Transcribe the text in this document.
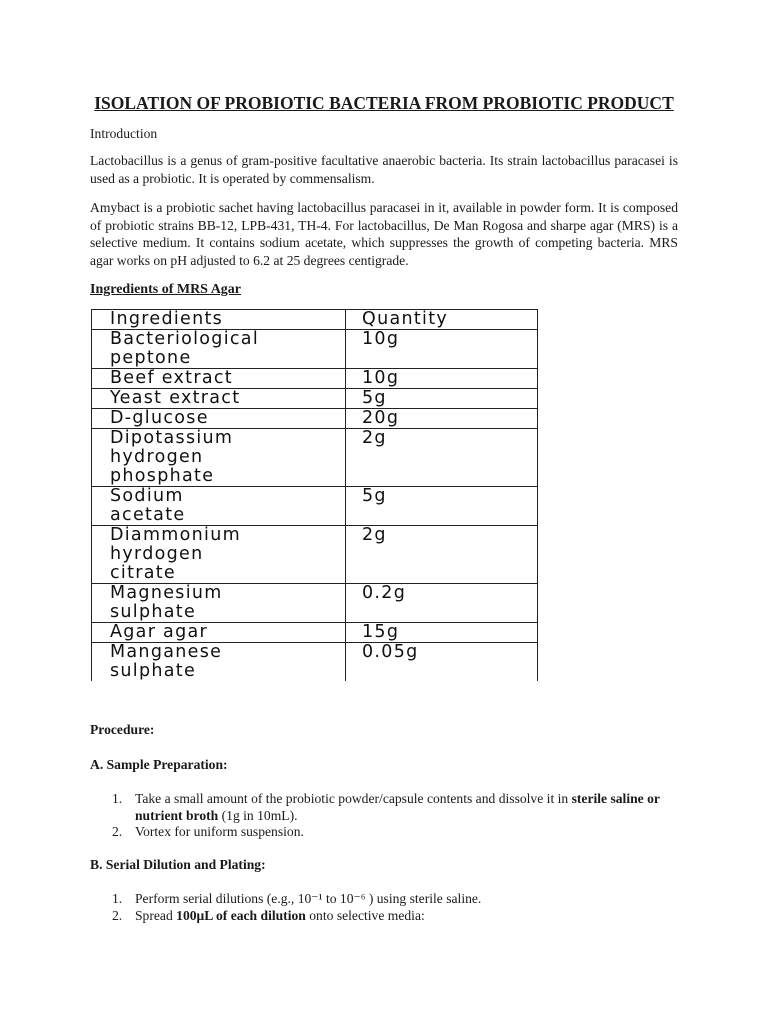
ISOLATION OF PROBIOTIC BACTERIA FROM PROBIOTIC PRODUCT
Introduction
Lactobacillus is a genus of gram-positive facultative anaerobic bacteria. Its strain lactobacillus paracasei is used as a probiotic. It is operated by commensalism.
Amybact is a probiotic sachet having lactobacillus paracasei in it, available in powder form. It is composed of probiotic strains BB-12, LPB-431, TH-4. For lactobacillus, De Man Rogosa and sharpe agar (MRS) is a selective medium. It contains sodium acetate, which suppresses the growth of competing bacteria. MRS agar works on pH adjusted to 6.2 at 25 degrees centigrade.
Ingredients of MRS Agar
Ingredients	Quantity

Bacteriological
peptone	10g

Beef extract	10g

Yeast extract	5g

D-glucose	20g

Dipotassium
hydrogen
phosphate	2g

Sodium
acetate	5g

Diammonium
hyrdogen
citrate	2g

Magnesium
sulphate	0.2g

Agar agar	15g

Manganese
sulphate	0.05g
Procedure:
A. Sample Preparation:
1. Take a small amount of the probiotic powder/capsule contents and dissolve it in sterile saline or nutrient broth (1g in 10mL).
2. Vortex for uniform suspension.
B. Serial Dilution and Plating:
1. Perform serial dilutions (e.g., 10⁻¹ to 10⁻⁶ ) using sterile saline.
2. Spread 100μL of each dilution onto selective media:
